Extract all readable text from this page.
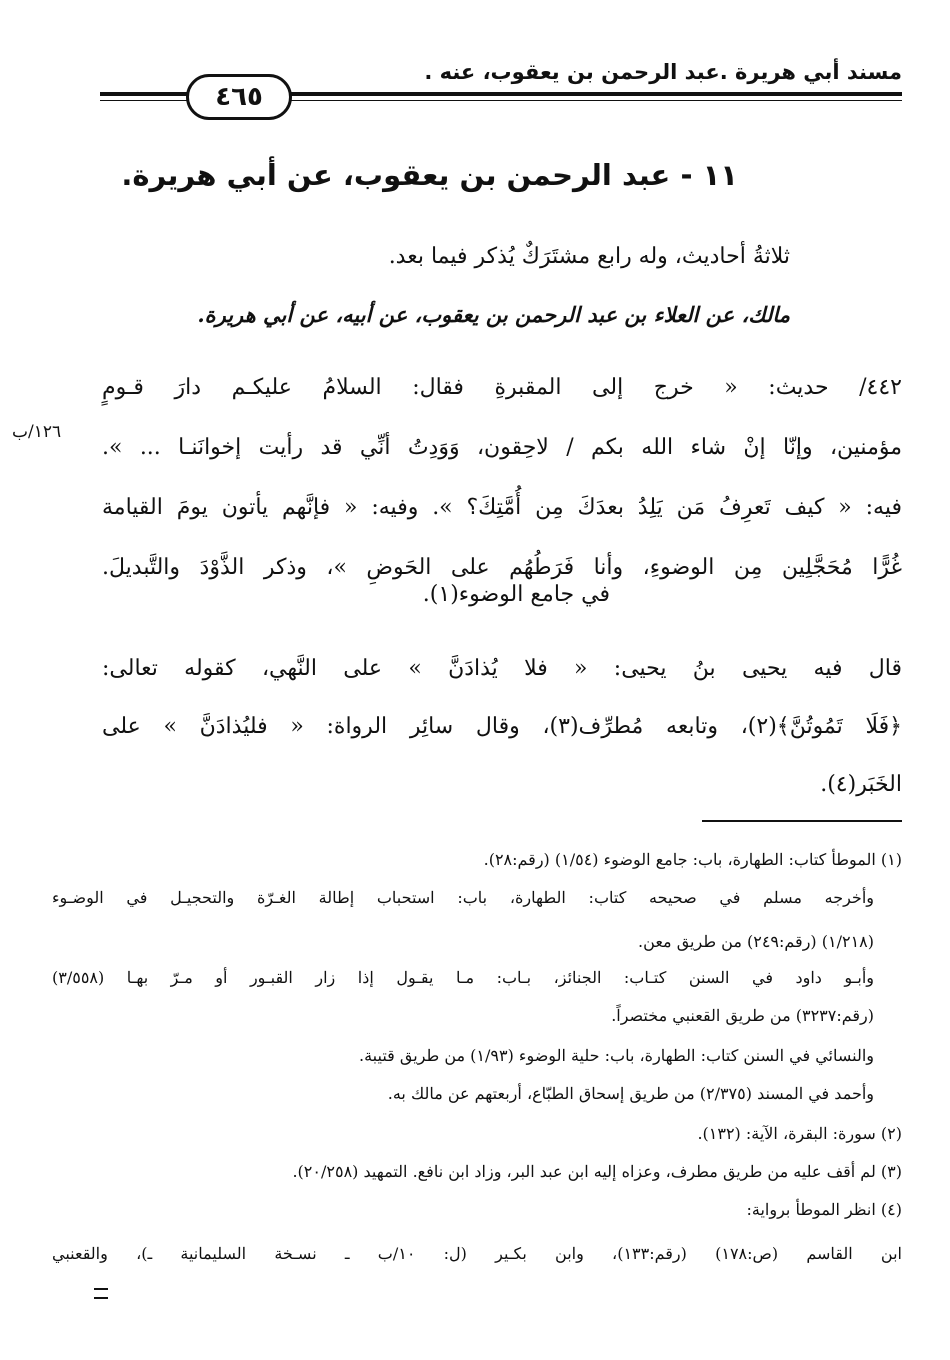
مسند أبي هريرة .عبد الرحمن بن يعقوب، عنه .
٤٦٥
١١ - عبد الرحمن بن يعقوب، عن أبي هريرة.
ثلاثةُ أحاديث، وله رابع مشتَرَكٌ يُذكر فيما بعد.
مالك، عن العلاء بن عبد الرحمن بن يعقوب، عن أبيه، عن أبي هريرة.
٤٤٢/ حديث: « خرج إلى المقبرةِ فقال: السلامُ عليكـم دارَ قـومٍ
مؤمنين، وإنّا إنْ شاء الله بكم / لاحِقون، وَوَدِتُ أنِّي قد رأيت إخوانَنـا ... ».
فيه: « كيف تَعرِفُ مَن يَلِدُ بعدَكَ مِن أُمَّتِكَ؟ ». وفيه: « فإنَّهم يأتون يومَ القيامة
غُرًّا مُحَجَّلِين مِن الوضوءِ، وأنا فَرَطُهُم على الحَوضِ »، وذكر الذَّوْدَ والتَّبديلَ.
١٢٦/ب
في جامع الوضوء(١).
قال فيه يحيى بنُ يحيى: « فلا يُذادَنَّ » على النَّهي، كقوله تعالى:
﴿فَلَا تَمُوتُنَّ﴾(٢)، وتابعه مُطرِّف(٣)، وقال سائِر الرواة: « فليُذادَنَّ » على
الخَبَر(٤).
(١) الموطأ كتاب: الطهارة، باب: جامع الوضوء (١/٥٤) (رقم:٢٨).
وأخرجه مسلم في صحيحه كتاب: الطهارة، باب: استحباب إطالة الغـرّة والتحجيـل في الوضـوء
(١/٢١٨) (رقم:٢٤٩) من طريق معن.
وأبـو داود في السنن كتـاب: الجنائز، بـاب: مـا يقـول إذا زار القبـور أو مـرّ بهـا (٣/٥٥٨)
(رقم:٣٢٣٧) من طريق القعنبي مختصراً.
والنسائي في السنن كتاب: الطهارة، باب: حلية الوضوء (١/٩٣) من طريق قتيبة.
وأحمد في المسند (٢/٣٧٥) من طريق إسحاق الطبّاع، أربعتهم عن مالك به.
(٢) سورة: البقرة، الآية: (١٣٢).
(٣) لم أقف عليه من طريق مطرف، وعزاه إليه ابن عبد البر، وزاد ابن نافع. التمهيد (٢٠/٢٥٨).
(٤) انظر الموطأ برواية:
ابن القاسم (ص:١٧٨) (رقم:١٣٣)، وابن بكـير (ل: ١٠/ب ـ نسـخة السليمانية ـ)، والقعنبي
